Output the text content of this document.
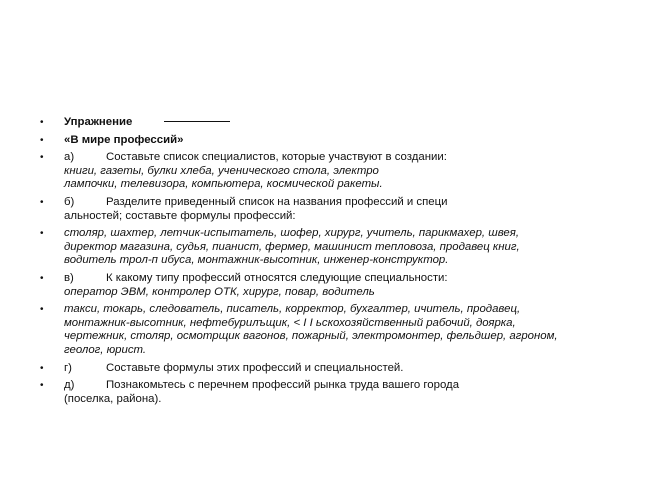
• Упражнение
• «В мире профессий»
• а)	Составьте список специалистов, которые участвуют в создании:
книги, газеты, булки хлеба, ученического стола, электро
лампочки, телевизора, компьютера, космической ракеты.
• б)	Разделите приведенный список на названия профессий и специ
альностей; составьте формулы профессий:
• столяр, шахтер, летчик-испытатель, шофер, хирург, учитель, парикмахер, швея,
директор магазина, судья, пианист, фермер, машинист тепловоза, продавец книг,
водитель трол-п ибуса, монтажник-высотник, инженер-конструктор.
• в)	К какому типу профессий относятся следующие специальности:
оператор ЭВМ, контролер ОТК, хирург, повар, водитель
• такси, токарь, следователь, писатель, корректор, бухгалтер, ичитель, продавец,
монтажник-высотник, нефтебурилъщик, < I I ьскохозяйственный рабочий, доярка,
чертежник, столяр, осмотрщик вагонов, пожарный, электромонтер, фельдшер, агроном,
геолог, юрист.
• г)	Составьте формулы этих профессий и специальностей.
• д)	Познакомьтесь с перечнем профессий рынка труда вашего города
(поселка, района).
